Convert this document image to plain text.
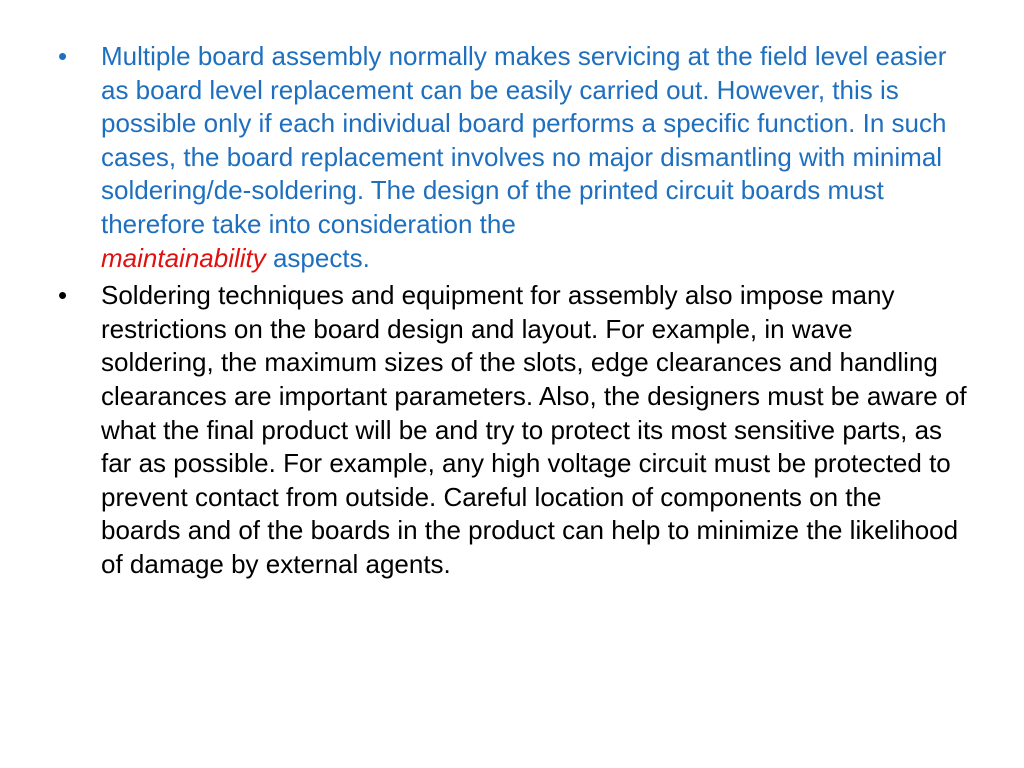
•	Multiple board assembly normally makes servicing at the field level easier as board level replacement can be easily carried out. However, this is possible only if each individual board performs a specific function. In such cases, the board replacement involves no major dismantling with minimal soldering/de-soldering. The design of the printed circuit boards must therefore take into consideration the
maintainability aspects.
•	Soldering techniques and equipment for assembly also impose many restrictions on the board design and layout. For example, in wave soldering, the maximum sizes of the slots, edge clearances and handling clearances are important parameters. Also, the designers must be aware of what the final product will be and try to protect its most sensitive parts, as far as possible. For example, any high voltage circuit must be protected to prevent contact from outside. Careful location of components on the boards and of the boards in the product can help to minimize the likelihood of damage by external agents.
